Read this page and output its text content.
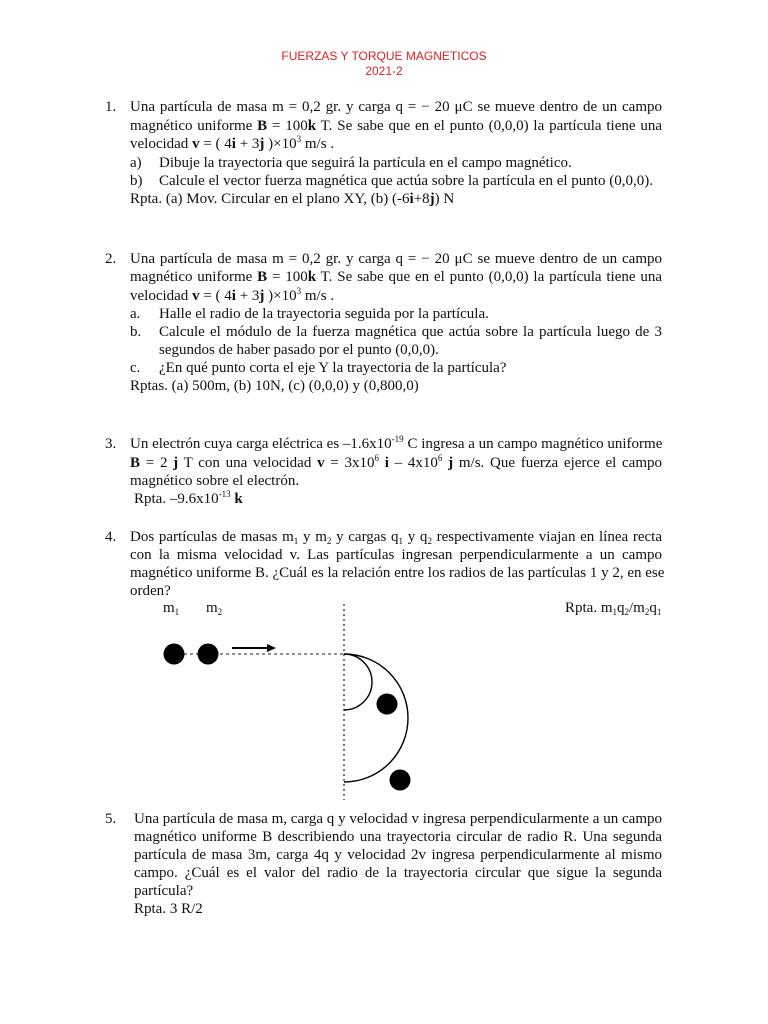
FUERZAS Y TORQUE MAGNETICOS
2021-2
1. Una partícula de masa m = 0,2 gr. y carga q = − 20 μC se mueve dentro de un campo
magnético uniforme B = 100k T. Se sabe que en el punto (0,0,0) la partícula tiene una
velocidad v = ( 4i + 3j )$\times 10^3$ m/s .
a) Dibuje la trayectoria que seguirá la partícula en el campo magnético.
b) Calcule el vector fuerza magnética que actúa sobre la partícula en el punto (0,0,0).
Rpta. (a) Mov. Circular en el plano XY, (b) (-6i+8j) N
2. Una partícula de masa m = 0,2 gr. y carga q = − 20 μC se mueve dentro de un campo
magnético uniforme B = 100k T. Se sabe que en el punto (0,0,0) la partícula tiene una
velocidad v = ( 4i + 3j )$\times 10^3$ m/s .
a. Halle el radio de la trayectoria seguida por la partícula.
b. Calcule el módulo de la fuerza magnética que actúa sobre la partícula luego de 3
segundos de haber pasado por el punto (0,0,0).
c. ¿En qué punto corta el eje Y la trayectoria de la partícula?
Rptas. (a) 500m, (b) 10N, (c) (0,0,0) y (0,800,0)
3. Un electrón cuya carga eléctrica es $-1.6x10^{-19}$ C ingresa a un campo magnético uniforme
B = 2 j T con una velocidad $v = 3x10^6$ i – $4x10^6$ j m/s. Que fuerza ejerce el campo
magnético sobre el electrón.
Rpta. $-9.6x10^{-13}$ k
4. Dos partículas de masas $m_1$ y $m_2$ y cargas $q_1$ y $q_2$ respectivamente viajan en línea recta
con la misma velocidad v. Las partículas ingresan perpendicularmente a un campo
magnético uniforme B. ¿Cuál es la relación entre los radios de las partículas 1 y 2, en ese
orden?
$m_1$ $m_2$	Rpta. $m_1q_2/m_2q_1$
5. Una partícula de masa m, carga q y velocidad v ingresa perpendicularmente a un campo
magnético uniforme B describiendo una trayectoria circular de radio R. Una segunda
partícula de masa 3m, carga 4q y velocidad 2v ingresa perpendicularmente al mismo
campo. ¿Cuál es el valor del radio de la trayectoria circular que sigue la segunda
partícula?
Rpta. 3 R/2
